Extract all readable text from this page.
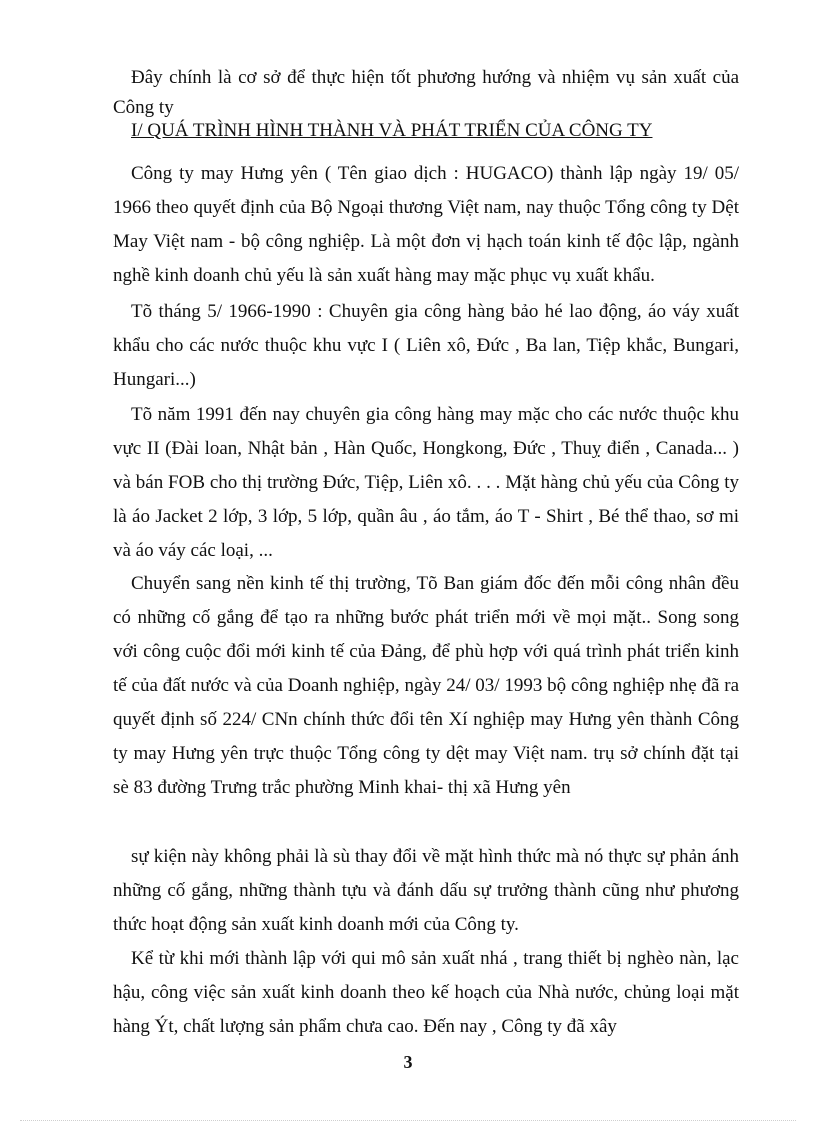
Đây chính là cơ sở để thực hiện tốt phương hướng và nhiệm vụ sản xuất của Công ty

I/ QUÁ TRÌNH HÌNH THÀNH VÀ PHÁT TRIỂN CỦA CÔNG TY

Công ty may Hưng yên ( Tên giao dịch : HUGACO) thành lập ngày 19/ 05/ 1966 theo quyết định của Bộ Ngoại thương Việt nam, nay thuộc Tổng công ty Dệt May Việt nam - bộ công nghiệp. Là một đơn vị hạch toán kinh tế độc lập, ngành nghề kinh doanh chủ yếu là sản xuất hàng may mặc phục vụ xuất khẩu.

Tõ tháng 5/ 1966-1990 : Chuyên gia công hàng bảo hé lao động, áo váy xuất khẩu cho các nước thuộc khu vực I ( Liên xô, Đức , Ba lan, Tiệp khắc, Bungari, Hungari...)

Tõ năm 1991 đến nay chuyên gia công hàng may mặc cho các nước thuộc khu vực II (Đài loan, Nhật bản , Hàn Quốc, Hongkong, Đức , Thuỵ điển , Canada... ) và bán FOB cho thị trường Đức, Tiệp, Liên xô. . . . Mặt hàng chủ yếu của Công ty là áo Jacket 2 lớp, 3 lớp, 5 lớp, quần âu , áo tắm, áo T - Shirt , Bé thể thao, sơ mi và áo váy các loại, ...

Chuyển sang nền kinh tế thị trường, Tõ Ban giám đốc đến mỗi công nhân đều có những cố gắng để tạo ra những bước phát triển mới về mọi mặt.. Song song với công cuộc đổi mới kinh tế của Đảng, để phù hợp với quá trình phát triển kinh tế của đất nước và của Doanh nghiệp, ngày 24/ 03/ 1993 bộ công nghiệp nhẹ đã ra quyết định số 224/ CNn chính thức đổi tên Xí nghiệp may Hưng yên thành Công ty may Hưng yên trực thuộc Tổng công ty dệt may Việt nam. trụ sở chính đặt tại sè 83 đường Trưng trắc phường Minh khai- thị xã Hưng yên

sự kiện này không phải là sù thay đổi về mặt hình thức mà nó thực sự phản ánh những cố gắng, những thành tựu và đánh dấu sự trưởng thành cũng như phương thức hoạt động sản xuất kinh doanh mới của Công ty.

Kể từ khi mới thành lập với qui mô sản xuất nhá , trang thiết bị nghèo nàn, lạc hậu, công việc sản xuất kinh doanh theo kế hoạch của Nhà nước, chủng loại mặt hàng Ýt, chất lượng sản phẩm chưa cao. Đến nay , Công ty đã xây

3
